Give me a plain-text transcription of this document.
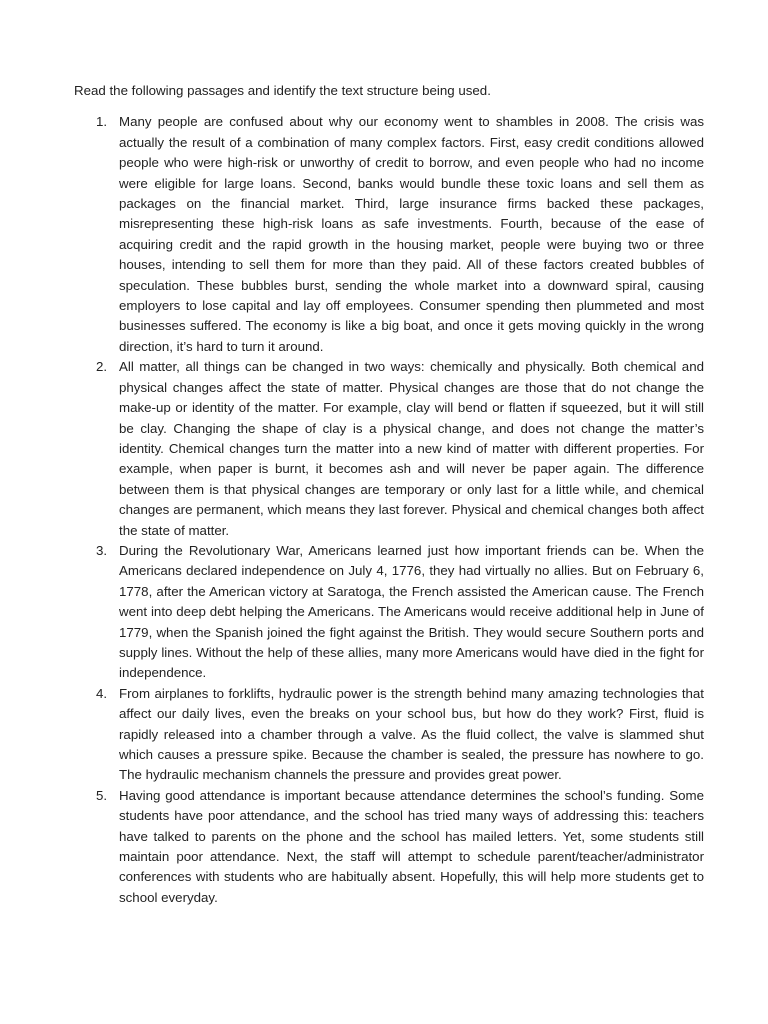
Read the following passages and identify the text structure being used.

1. Many people are confused about why our economy went to shambles in 2008. The crisis was actually the result of a combination of many complex factors. First, easy credit conditions allowed people who were high-risk or unworthy of credit to borrow, and even people who had no income were eligible for large loans. Second, banks would bundle these toxic loans and sell them as packages on the financial market. Third, large insurance firms backed these packages, misrepresenting these high-risk loans as safe investments. Fourth, because of the ease of acquiring credit and the rapid growth in the housing market, people were buying two or three houses, intending to sell them for more than they paid. All of these factors created bubbles of speculation. These bubbles burst, sending the whole market into a downward spiral, causing employers to lose capital and lay off employees. Consumer spending then plummeted and most businesses suffered. The economy is like a big boat, and once it gets moving quickly in the wrong direction, it’s hard to turn it around.
2. All matter, all things can be changed in two ways: chemically and physically. Both chemical and physical changes affect the state of matter. Physical changes are those that do not change the make-up or identity of the matter. For example, clay will bend or flatten if squeezed, but it will still be clay. Changing the shape of clay is a physical change, and does not change the matter’s identity. Chemical changes turn the matter into a new kind of matter with different properties. For example, when paper is burnt, it becomes ash and will never be paper again. The difference between them is that physical changes are temporary or only last for a little while, and chemical changes are permanent, which means they last forever. Physical and chemical changes both affect the state of matter.
3. During the Revolutionary War, Americans learned just how important friends can be. When the Americans declared independence on July 4, 1776, they had virtually no allies. But on February 6, 1778, after the American victory at Saratoga, the French assisted the American cause. The French went into deep debt helping the Americans. The Americans would receive additional help in June of 1779, when the Spanish joined the fight against the British. They would secure Southern ports and supply lines. Without the help of these allies, many more Americans would have died in the fight for independence.
4. From airplanes to forklifts, hydraulic power is the strength behind many amazing technologies that affect our daily lives, even the breaks on your school bus, but how do they work? First, fluid is rapidly released into a chamber through a valve. As the fluid collect, the valve is slammed shut which causes a pressure spike. Because the chamber is sealed, the pressure has nowhere to go. The hydraulic mechanism channels the pressure and provides great power.
5. Having good attendance is important because attendance determines the school’s funding. Some students have poor attendance, and the school has tried many ways of addressing this: teachers have talked to parents on the phone and the school has mailed letters. Yet, some students still maintain poor attendance. Next, the staff will attempt to schedule parent/teacher/administrator conferences with students who are habitually absent. Hopefully, this will help more students get to school everyday.
